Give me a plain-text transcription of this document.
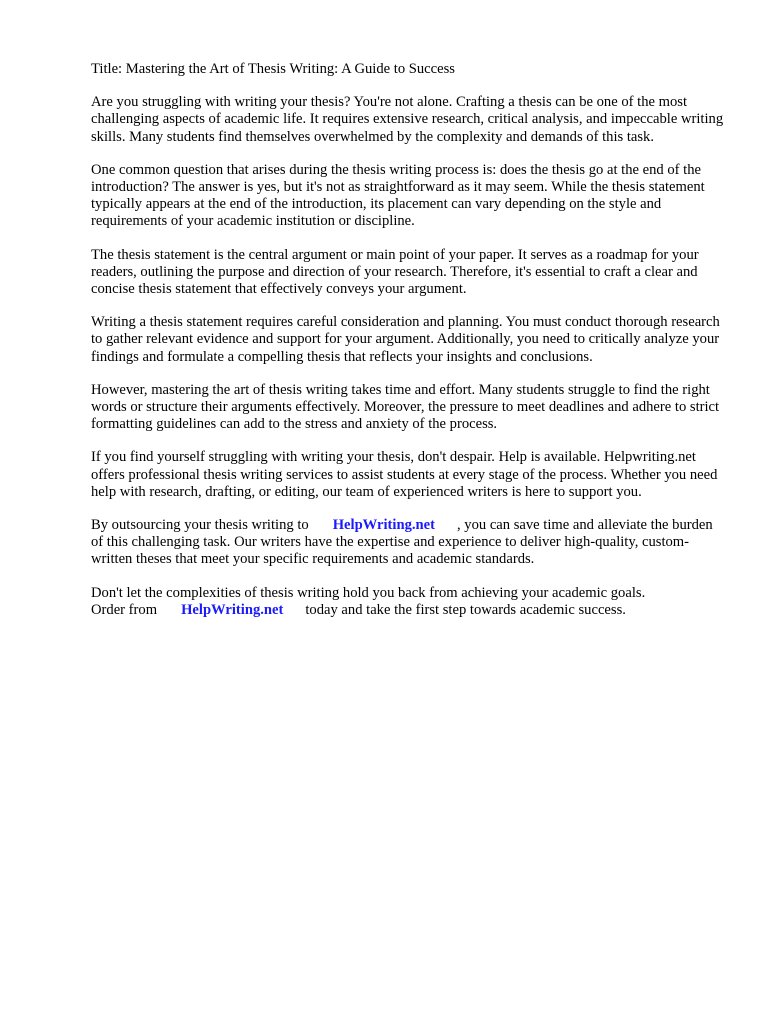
Title: Mastering the Art of Thesis Writing: A Guide to Success

Are you struggling with writing your thesis? You're not alone. Crafting a thesis can be one of the most challenging aspects of academic life. It requires extensive research, critical analysis, and impeccable writing skills. Many students find themselves overwhelmed by the complexity and demands of this task.

One common question that arises during the thesis writing process is: does the thesis go at the end of the introduction? The answer is yes, but it's not as straightforward as it may seem. While the thesis statement typically appears at the end of the introduction, its placement can vary depending on the style and requirements of your academic institution or discipline.

The thesis statement is the central argument or main point of your paper. It serves as a roadmap for your readers, outlining the purpose and direction of your research. Therefore, it's essential to craft a clear and concise thesis statement that effectively conveys your argument.

Writing a thesis statement requires careful consideration and planning. You must conduct thorough research to gather relevant evidence and support for your argument. Additionally, you need to critically analyze your findings and formulate a compelling thesis that reflects your insights and conclusions.

However, mastering the art of thesis writing takes time and effort. Many students struggle to find the right words or structure their arguments effectively. Moreover, the pressure to meet deadlines and adhere to strict formatting guidelines can add to the stress and anxiety of the process.

If you find yourself struggling with writing your thesis, don't despair. Help is available. Helpwriting.net offers professional thesis writing services to assist students at every stage of the process. Whether you need help with research, drafting, or editing, our team of experienced writers is here to support you.

By outsourcing your thesis writing to HelpWriting.net , you can save time and alleviate the burden of this challenging task. Our writers have the expertise and experience to deliver high-quality, custom-written theses that meet your specific requirements and academic standards.

Don't let the complexities of thesis writing hold you back from achieving your academic goals.
Order from HelpWriting.net today and take the first step towards academic success.
